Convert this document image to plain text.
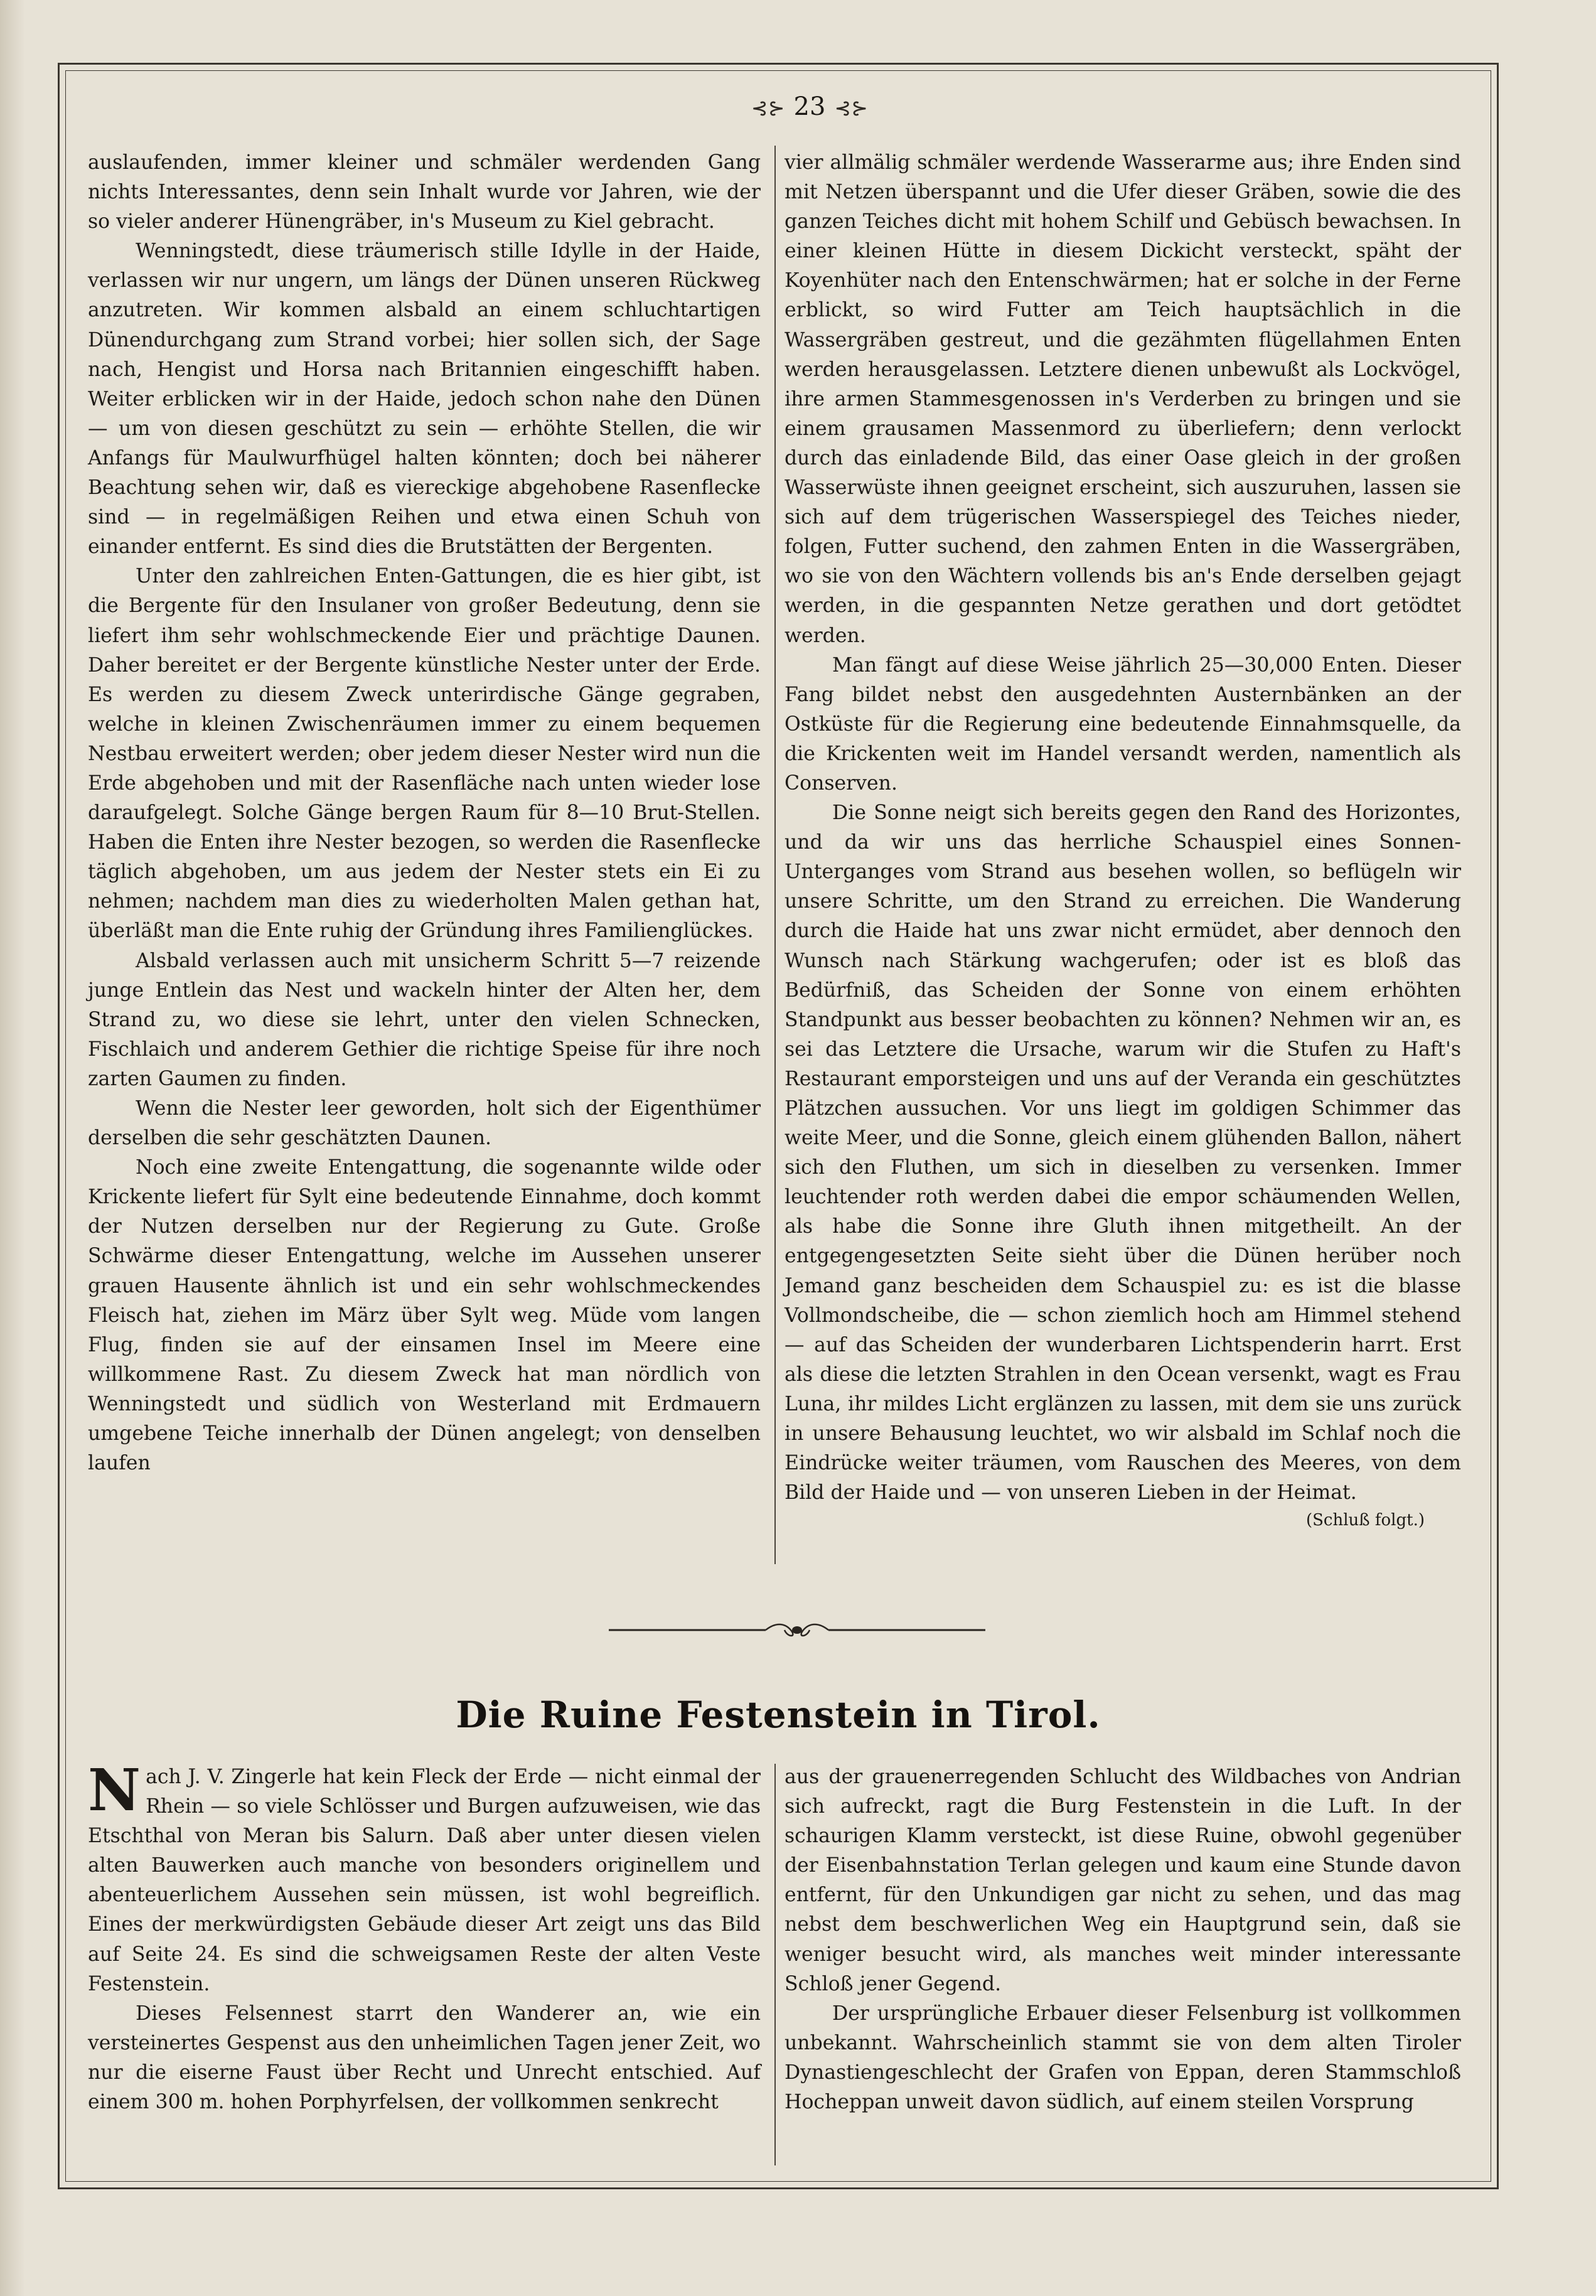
⊰⊱ 23 ⊰⊱

auslaufenden, immer kleiner und schmäler werdenden Gang nichts Interessantes, denn sein Inhalt wurde vor Jahren, wie der so vieler anderer Hünengräber, in's Museum zu Kiel gebracht.

Wenningstedt, diese träumerisch stille Idylle in der Haide, verlassen wir nur ungern, um längs der Dünen unseren Rückweg anzutreten. Wir kommen alsbald an einem schluchtartigen Dünendurchgang zum Strand vorbei; hier sollen sich, der Sage nach, Hengist und Horsa nach Britannien eingeschifft haben. Weiter erblicken wir in der Haide, jedoch schon nahe den Dünen — um von diesen geschützt zu sein — erhöhte Stellen, die wir Anfangs für Maulwurfhügel halten könnten; doch bei näherer Beachtung sehen wir, daß es viereckige abgehobene Rasenflecke sind — in regelmäßigen Reihen und etwa einen Schuh von einander entfernt. Es sind dies die Brutstätten der Bergenten.

Unter den zahlreichen Enten-Gattungen, die es hier gibt, ist die Bergente für den Insulaner von großer Bedeutung, denn sie liefert ihm sehr wohlschmeckende Eier und prächtige Daunen. Daher bereitet er der Bergente künstliche Nester unter der Erde. Es werden zu diesem Zweck unterirdische Gänge gegraben, welche in kleinen Zwischenräumen immer zu einem bequemen Nestbau erweitert werden; ober jedem dieser Nester wird nun die Erde abgehoben und mit der Rasenfläche nach unten wieder lose daraufgelegt. Solche Gänge bergen Raum für 8—10 Brut-Stellen. Haben die Enten ihre Nester bezogen, so werden die Rasenflecke täglich abgehoben, um aus jedem der Nester stets ein Ei zu nehmen; nachdem man dies zu wiederholten Malen gethan hat, überläßt man die Ente ruhig der Gründung ihres Familienglückes.

Alsbald verlassen auch mit unsicherm Schritt 5—7 reizende junge Entlein das Nest und wackeln hinter der Alten her, dem Strand zu, wo diese sie lehrt, unter den vielen Schnecken, Fischlaich und anderem Gethier die richtige Speise für ihre noch zarten Gaumen zu finden.

Wenn die Nester leer geworden, holt sich der Eigenthümer derselben die sehr geschätzten Daunen.

Noch eine zweite Entengattung, die sogenannte wilde oder Krickente liefert für Sylt eine bedeutende Einnahme, doch kommt der Nutzen derselben nur der Regierung zu Gute. Große Schwärme dieser Entengattung, welche im Aussehen unserer grauen Hausente ähnlich ist und ein sehr wohlschmeckendes Fleisch hat, ziehen im März über Sylt weg. Müde vom langen Flug, finden sie auf der einsamen Insel im Meere eine willkommene Rast. Zu diesem Zweck hat man nördlich von Wenningstedt und südlich von Westerland mit Erdmauern umgebene Teiche innerhalb der Dünen angelegt; von denselben laufen

vier allmälig schmäler werdende Wasserarme aus; ihre Enden sind mit Netzen überspannt und die Ufer dieser Gräben, sowie die des ganzen Teiches dicht mit hohem Schilf und Gebüsch bewachsen. In einer kleinen Hütte in diesem Dickicht versteckt, späht der Koyenhüter nach den Entenschwärmen; hat er solche in der Ferne erblickt, so wird Futter am Teich hauptsächlich in die Wassergräben gestreut, und die gezähmten flügellahmen Enten werden herausgelassen. Letztere dienen unbewußt als Lockvögel, ihre armen Stammesgenossen in's Verderben zu bringen und sie einem grausamen Massenmord zu überliefern; denn verlockt durch das einladende Bild, das einer Oase gleich in der großen Wasserwüste ihnen geeignet erscheint, sich auszuruhen, lassen sie sich auf dem trügerischen Wasserspiegel des Teiches nieder, folgen, Futter suchend, den zahmen Enten in die Wassergräben, wo sie von den Wächtern vollends bis an's Ende derselben gejagt werden, in die gespannten Netze gerathen und dort getödtet werden.

Man fängt auf diese Weise jährlich 25—30,000 Enten. Dieser Fang bildet nebst den ausgedehnten Austernbänken an der Ostküste für die Regierung eine bedeutende Einnahmsquelle, da die Krickenten weit im Handel versandt werden, namentlich als Conserven.

Die Sonne neigt sich bereits gegen den Rand des Horizontes, und da wir uns das herrliche Schauspiel eines Sonnen-Unterganges vom Strand aus besehen wollen, so beflügeln wir unsere Schritte, um den Strand zu erreichen. Die Wanderung durch die Haide hat uns zwar nicht ermüdet, aber dennoch den Wunsch nach Stärkung wachgerufen; oder ist es bloß das Bedürfniß, das Scheiden der Sonne von einem erhöhten Standpunkt aus besser beobachten zu können? Nehmen wir an, es sei das Letztere die Ursache, warum wir die Stufen zu Haft's Restaurant emporsteigen und uns auf der Veranda ein geschütztes Plätzchen aussuchen. Vor uns liegt im goldigen Schimmer das weite Meer, und die Sonne, gleich einem glühenden Ballon, nähert sich den Fluthen, um sich in dieselben zu versenken. Immer leuchtender roth werden dabei die empor schäumenden Wellen, als habe die Sonne ihre Gluth ihnen mitgetheilt. An der entgegengesetzten Seite sieht über die Dünen herüber noch Jemand ganz bescheiden dem Schauspiel zu: es ist die blasse Vollmondscheibe, die — schon ziemlich hoch am Himmel stehend — auf das Scheiden der wunderbaren Lichtspenderin harrt. Erst als diese die letzten Strahlen in den Ocean versenkt, wagt es Frau Luna, ihr mildes Licht erglänzen zu lassen, mit dem sie uns zurück in unsere Behausung leuchtet, wo wir alsbald im Schlaf noch die Eindrücke weiter träumen, vom Rauschen des Meeres, von dem Bild der Haide und — von unseren Lieben in der Heimat.

(Schluß folgt.)
Die Ruine Festenstein in Tirol.

Nach J. V. Zingerle hat kein Fleck der Erde — nicht einmal der Rhein — so viele Schlösser und Burgen aufzuweisen, wie das Etschthal von Meran bis Salurn. Daß aber unter diesen vielen alten Bauwerken auch manche von besonders originellem und abenteuerlichem Aussehen sein müssen, ist wohl begreiflich. Eines der merkwürdigsten Gebäude dieser Art zeigt uns das Bild auf Seite 24. Es sind die schweigsamen Reste der alten Veste Festenstein.

Dieses Felsennest starrt den Wanderer an, wie ein versteinertes Gespenst aus den unheimlichen Tagen jener Zeit, wo nur die eiserne Faust über Recht und Unrecht entschied. Auf einem 300 m. hohen Porphyrfelsen, der vollkommen senkrecht

aus der grauenerregenden Schlucht des Wildbaches von Andrian sich aufreckt, ragt die Burg Festenstein in die Luft. In der schaurigen Klamm versteckt, ist diese Ruine, obwohl gegenüber der Eisenbahnstation Terlan gelegen und kaum eine Stunde davon entfernt, für den Unkundigen gar nicht zu sehen, und das mag nebst dem beschwerlichen Weg ein Hauptgrund sein, daß sie weniger besucht wird, als manches weit minder interessante Schloß jener Gegend.

Der ursprüngliche Erbauer dieser Felsenburg ist vollkommen unbekannt. Wahrscheinlich stammt sie von dem alten Tiroler Dynastiengeschlecht der Grafen von Eppan, deren Stammschloß Hocheppan unweit davon südlich, auf einem steilen Vorsprung
